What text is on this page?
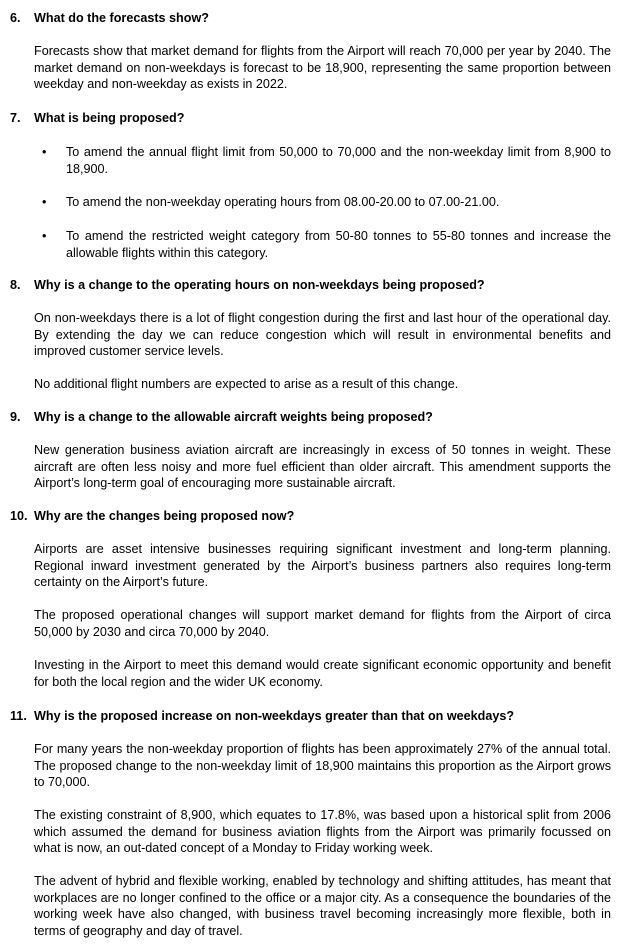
6. What do the forecasts show?

Forecasts show that market demand for flights from the Airport will reach 70,000 per year by 2040. The market demand on non-weekdays is forecast to be 18,900, representing the same proportion between weekday and non-weekday as exists in 2022.

7. What is being proposed?
• To amend the annual flight limit from 50,000 to 70,000 and the non-weekday limit from 8,900 to 18,900.

• To amend the non-weekday operating hours from 08.00-20.00 to 07.00-21.00.

• To amend the restricted weight category from 50-80 tonnes to 55-80 tonnes and increase the allowable flights within this category.

8. Why is a change to the operating hours on non-weekdays being proposed?

On non-weekdays there is a lot of flight congestion during the first and last hour of the operational day. By extending the day we can reduce congestion which will result in environmental benefits and improved customer service levels.

No additional flight numbers are expected to arise as a result of this change.

9. Why is a change to the allowable aircraft weights being proposed?

New generation business aviation aircraft are increasingly in excess of 50 tonnes in weight. These aircraft are often less noisy and more fuel efficient than older aircraft. This amendment supports the Airport’s long-term goal of encouraging more sustainable aircraft.

10. Why are the changes being proposed now?

Airports are asset intensive businesses requiring significant investment and long-term planning. Regional inward investment generated by the Airport’s business partners also requires long-term certainty on the Airport’s future.

The proposed operational changes will support market demand for flights from the Airport of circa 50,000 by 2030 and circa 70,000 by 2040.

Investing in the Airport to meet this demand would create significant economic opportunity and benefit for both the local region and the wider UK economy.

11. Why is the proposed increase on non-weekdays greater than that on weekdays?

For many years the non-weekday proportion of flights has been approximately 27% of the annual total. The proposed change to the non-weekday limit of 18,900 maintains this proportion as the Airport grows to 70,000.

The existing constraint of 8,900, which equates to 17.8%, was based upon a historical split from 2006 which assumed the demand for business aviation flights from the Airport was primarily focussed on what is now, an out-dated concept of a Monday to Friday working week.

The advent of hybrid and flexible working, enabled by technology and shifting attitudes, has meant that workplaces are no longer confined to the office or a major city. As a consequence the boundaries of the working week have also changed, with business travel becoming increasingly more flexible, both in terms of geography and day of travel.
